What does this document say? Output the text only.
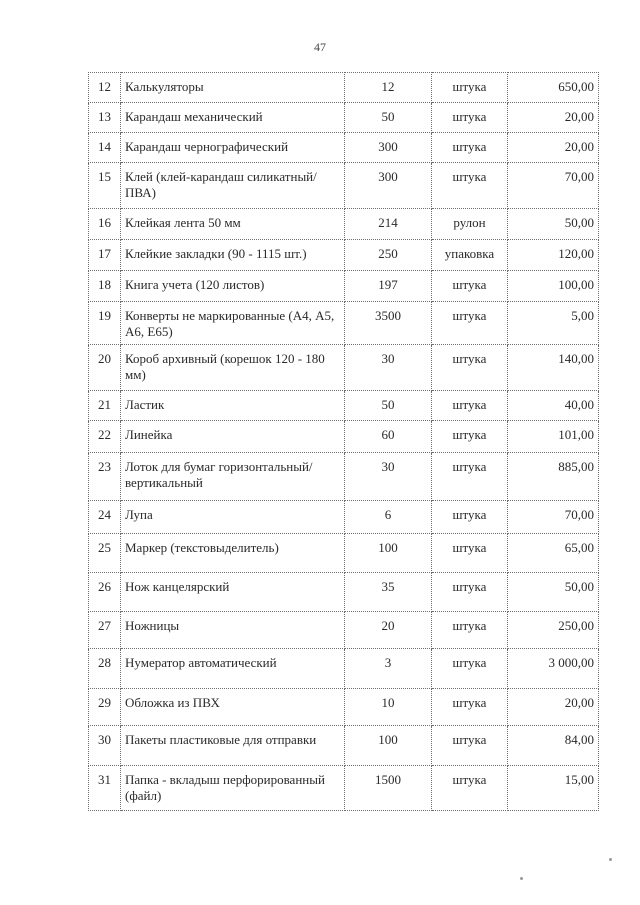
47
12	Калькуляторы	12	штука	650,00
13	Карандаш механический	50	штука	20,00
14	Карандаш чернографический	300	штука	20,00
15	Клей (клей-карандаш силикатный/ПВА)	300	штука	70,00
16	Клейкая лента 50 мм	214	рулон	50,00
17	Клейкие закладки (90 - 1115 шт.)	250	упаковка	120,00
18	Книга учета (120 листов)	197	штука	100,00
19	Конверты не маркированные (А4, А5, А6, Е65)	3500	штука	5,00
20	Короб архивный (корешок 120 - 180 мм)	30	штука	140,00
21	Ластик	50	штука	40,00
22	Линейка	60	штука	101,00
23	Лоток для бумаг горизонтальный/вертикальный	30	штука	885,00
24	Лупа	6	штука	70,00
25	Маркер (текстовыделитель)	100	штука	65,00
26	Нож канцелярский	35	штука	50,00
27	Ножницы	20	штука	250,00
28	Нумератор автоматический	3	штука	3 000,00
29	Обложка из ПВХ	10	штука	20,00
30	Пакеты пластиковые для отправки	100	штука	84,00
31	Папка - вкладыш перфорированный (файл)	1500	штука	15,00
